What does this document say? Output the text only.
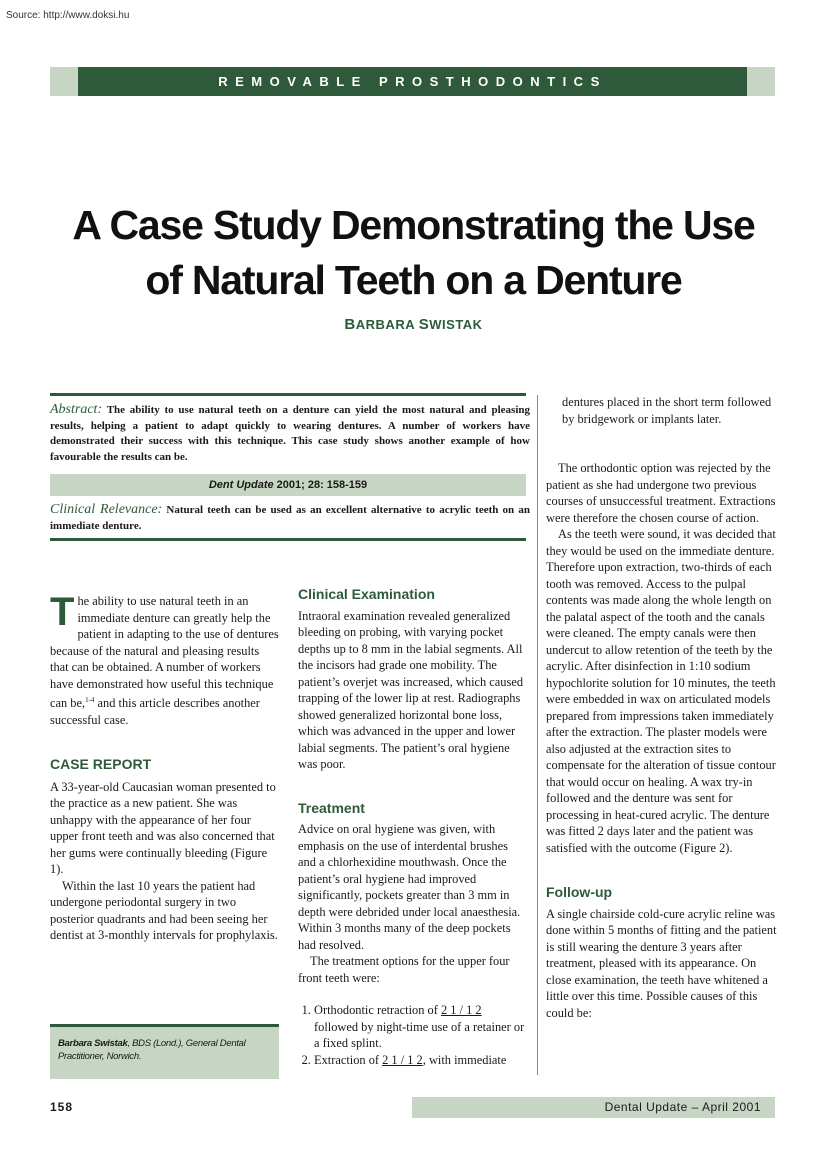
Source: http://www.doksi.hu
REMOVABLE PROSTHODONTICS
A Case Study Demonstrating the Use
of Natural Teeth on a Denture
BARBARA SWISTAK
Abstract: The ability to use natural teeth on a denture can yield the most natural and pleasing results, helping a patient to adapt quickly to wearing dentures. A number of workers have demonstrated their success with this technique. This case study shows another example of how favourable the results can be.
Dent Update 2001; 28: 158-159
Clinical Relevance: Natural teeth can be used as an excellent alternative to acrylic teeth on an immediate denture.

The ability to use natural teeth in an immediate denture can greatly help the patient in adapting to the use of dentures because of the natural and pleasing results that can be obtained. A number of workers have demonstrated how useful this technique can be,$^{1-4}$ and this article describes another successful case.

CASE REPORT

A 33-year-old Caucasian woman presented to the practice as a new patient. She was unhappy with the appearance of her four upper front teeth and was also concerned that her gums were continually bleeding (Figure 1).

Within the last 10 years the patient had undergone periodontal surgery in two posterior quadrants and had been seeing her dentist at 3-monthly intervals for prophylaxis.

Barbara Swistak, BDS (Lond.), General Dental Practitioner, Norwich.
Clinical Examination

Intraoral examination revealed generalized bleeding on probing, with varying pocket depths up to 8 mm in the labial segments. All the incisors had grade one mobility. The patient’s overjet was increased, which caused trapping of the lower lip at rest. Radiographs showed generalized horizontal bone loss, which was advanced in the upper and lower labial segments. The patient’s oral hygiene was poor.

Treatment

Advice on oral hygiene was given, with emphasis on the use of interdental brushes and a chlorhexidine mouthwash. Once the patient’s oral hygiene had improved significantly, pockets greater than 3 mm in depth were debrided under local anaesthesia. Within 3 months many of the deep pockets had resolved.

The treatment options for the upper four front teeth were:

1. Orthodontic retraction of 2 1 / 1 2 followed by night-time use of a retainer or a fixed splint.
2. Extraction of 2 1 / 1 2, with immediate

dentures placed in the short term followed by bridgework or implants later.

The orthodontic option was rejected by the patient as she had undergone two previous courses of unsuccessful treatment. Extractions were therefore the chosen course of action.

As the teeth were sound, it was decided that they would be used on the immediate denture. Therefore upon extraction, two-thirds of each tooth was removed. Access to the pulpal contents was made along the whole length on the palatal aspect of the tooth and the canals were cleaned. The empty canals were then undercut to allow retention of the teeth by the acrylic. After disinfection in 1:10 sodium hypochlorite solution for 10 minutes, the teeth were embedded in wax on articulated models prepared from impressions taken immediately after the extraction. The plaster models were also adjusted at the extraction sites to compensate for the alteration of tissue contour that would occur on healing. A wax try-in followed and the denture was sent for processing in heat-cured acrylic. The denture was fitted 2 days later and the patient was satisfied with the outcome (Figure 2).

Follow-up

A single chairside cold-cure acrylic reline was done within 5 months of fitting and the patient is still wearing the denture 3 years after treatment, pleased with its appearance. On close examination, the teeth have whitened a little over this time. Possible causes of this could be:

158	Dental Update – April 2001
